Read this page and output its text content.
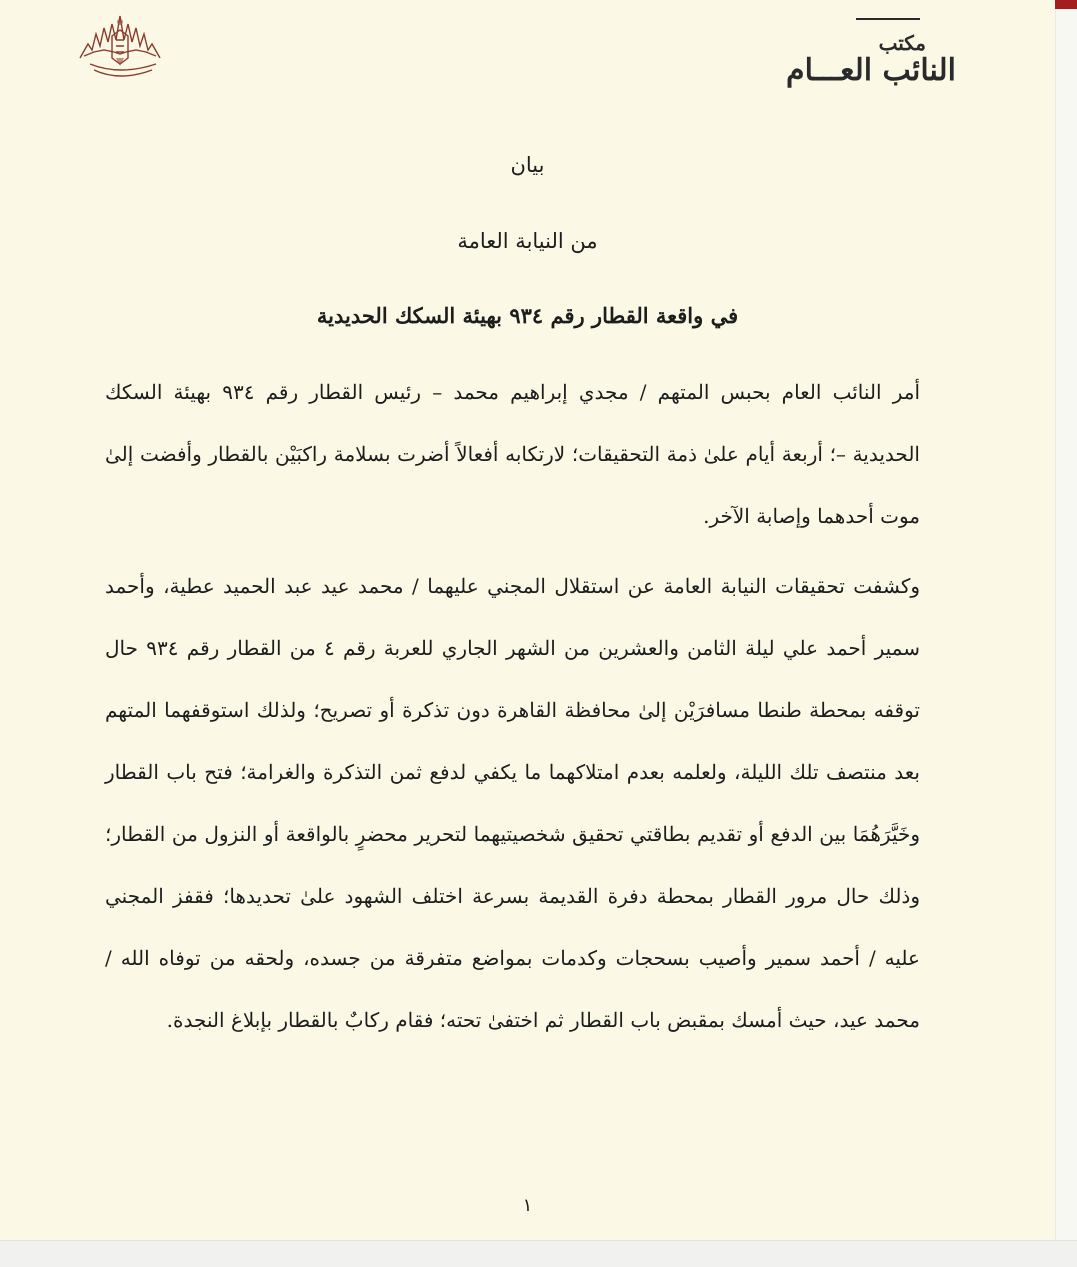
مكتب
النائب العـــام
بيان
من النيابة العامة
في واقعة القطار رقم ٩٣٤ بهيئة السكك الحديدية

أمر النائب العام بحبس المتهم / مجدي إبراهيم محمد – رئيس القطار رقم ٩٣٤ بهيئة السكك الحديدية –؛ أربعة أيام علىٰ ذمة التحقيقات؛ لارتكابه أفعالاً أضرت بسلامة راكبَيْن بالقطار وأفضت إلىٰ موت أحدهما وإصابة الآخر.

وكشفت تحقيقات النيابة العامة عن استقلال المجني عليهما / محمد عيد عبد الحميد عطية، وأحمد سمير أحمد علي ليلة الثامن والعشرين من الشهر الجاري للعربة رقم ٤ من القطار رقم ٩٣٤ حال توقفه بمحطة طنطا مسافرَيْن إلىٰ محافظة القاهرة دون تذكرة أو تصريح؛ ولذلك استوقفهما المتهم بعد منتصف تلك الليلة، ولعلمه بعدم امتلاكهما ما يكفي لدفع ثمن التذكرة والغرامة؛ فتح باب القطار وخَيَّرَهُمَا بين الدفع أو تقديم بطاقتي تحقيق شخصيتيهما لتحرير محضرٍ بالواقعة أو النزول من القطار؛ وذلك حال مرور القطار بمحطة دفرة القديمة بسرعة اختلف الشهود علىٰ تحديدها؛ فقفز المجني عليه / أحمد سمير وأصيب بسحجات وكدمات بمواضع متفرقة من جسده، ولحقه من توفاه الله / محمد عيد، حيث أمسك بمقبض باب القطار ثم اختفىٰ تحته؛ فقام ركابٌ بالقطار بإبلاغ النجدة.

١
